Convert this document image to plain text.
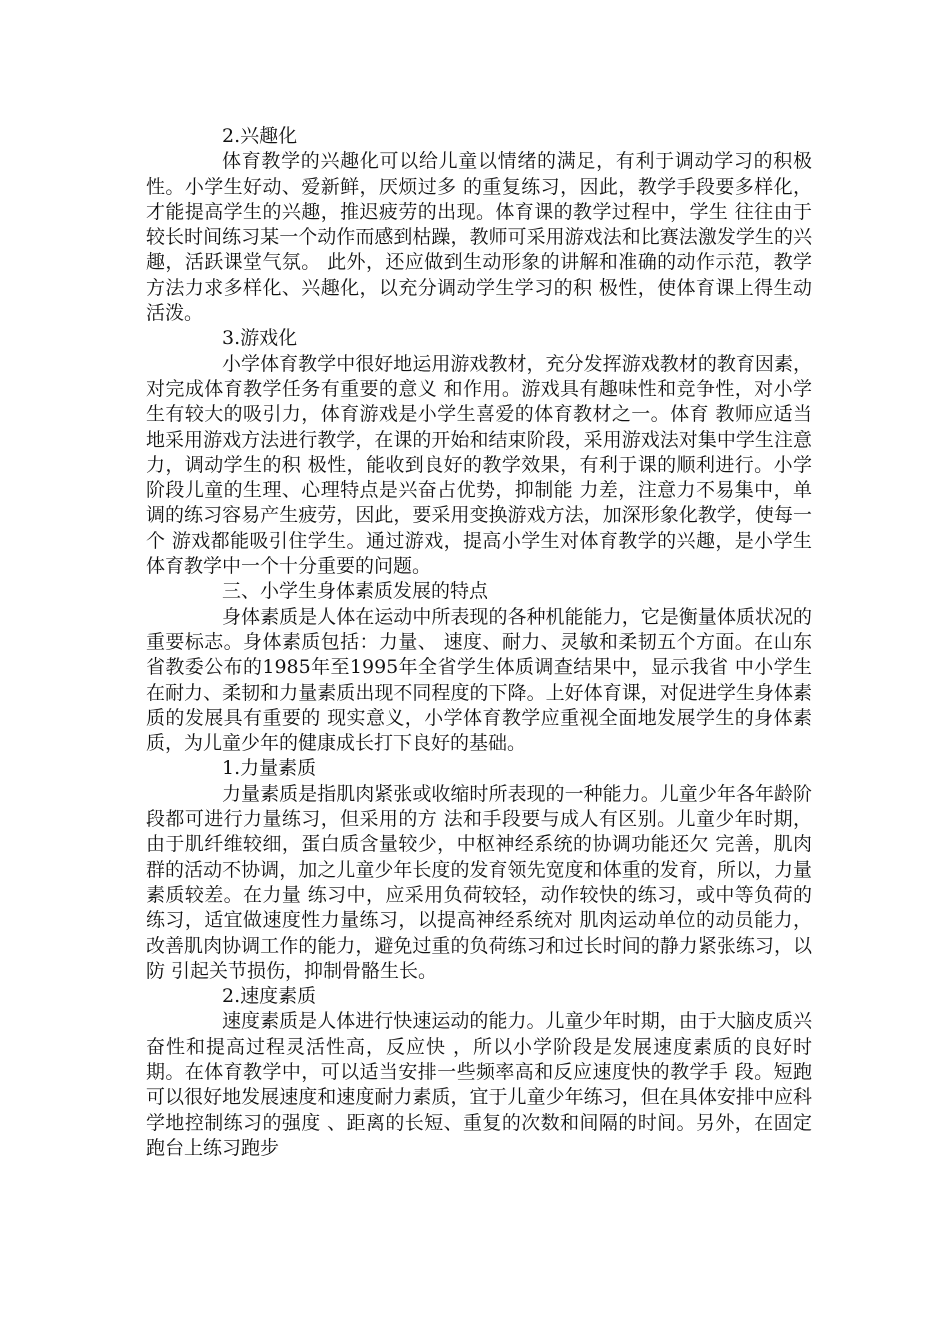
2.兴趣化

体育教学的兴趣化可以给儿童以情绪的满足，有利于调动学习的积极性。小学生好动、爱新鲜，厌烦过多 的重复练习，因此，教学手段要多样化，才能提高学生的兴趣，推迟疲劳的出现。体育课的教学过程中，学生 往往由于较长时间练习某一个动作而感到枯躁，教师可采用游戏法和比赛法激发学生的兴趣，活跃课堂气氛。 此外，还应做到生动形象的讲解和准确的动作示范，教学方法力求多样化、兴趣化，以充分调动学生学习的积 极性，使体育课上得生动活泼。

3.游戏化

小学体育教学中很好地运用游戏教材，充分发挥游戏教材的教育因素，对完成体育教学任务有重要的意义 和作用。游戏具有趣味性和竞争性，对小学生有较大的吸引力，体育游戏是小学生喜爱的体育教材之一。体育 教师应适当地采用游戏方法进行教学，在课的开始和结束阶段，采用游戏法对集中学生注意力，调动学生的积 极性，能收到良好的教学效果，有利于课的顺利进行。小学阶段儿童的生理、心理特点是兴奋占优势，抑制能 力差，注意力不易集中，单调的练习容易产生疲劳，因此，要采用变换游戏方法，加深形象化教学，使每一个 游戏都能吸引住学生。通过游戏，提高小学生对体育教学的兴趣，是小学生体育教学中一个十分重要的问题。

三、小学生身体素质发展的特点

身体素质是人体在运动中所表现的各种机能能力，它是衡量体质状况的重要标志。身体素质包括：力量、 速度、耐力、灵敏和柔韧五个方面。在山东省教委公布的1985年至1995年全省学生体质调查结果中，显示我省 中小学生在耐力、柔韧和力量素质出现不同程度的下降。上好体育课，对促进学生身体素质的发展具有重要的 现实意义，小学体育教学应重视全面地发展学生的身体素质，为儿童少年的健康成长打下良好的基础。

1.力量素质

力量素质是指肌肉紧张或收缩时所表现的一种能力。儿童少年各年龄阶段都可进行力量练习，但采用的方 法和手段要与成人有区别。儿童少年时期，由于肌纤维较细，蛋白质含量较少，中枢神经系统的协调功能还欠 完善，肌肉群的活动不协调，加之儿童少年长度的发育领先宽度和体重的发育，所以，力量素质较差。在力量 练习中，应采用负荷较轻，动作较快的练习，或中等负荷的练习，适宜做速度性力量练习，以提高神经系统对 肌肉运动单位的动员能力，改善肌肉协调工作的能力，避免过重的负荷练习和过长时间的静力紧张练习，以防 引起关节损伤，抑制骨骼生长。

2.速度素质

速度素质是人体进行快速运动的能力。儿童少年时期，由于大脑皮质兴奋性和提高过程灵活性高，反应快 ，所以小学阶段是发展速度素质的良好时期。在体育教学中，可以适当安排一些频率高和反应速度快的教学手 段。短跑可以很好地发展速度和速度耐力素质，宜于儿童少年练习，但在具体安排中应科学地控制练习的强度 、距离的长短、重复的次数和间隔的时间。另外，在固定跑台上练习跑步
